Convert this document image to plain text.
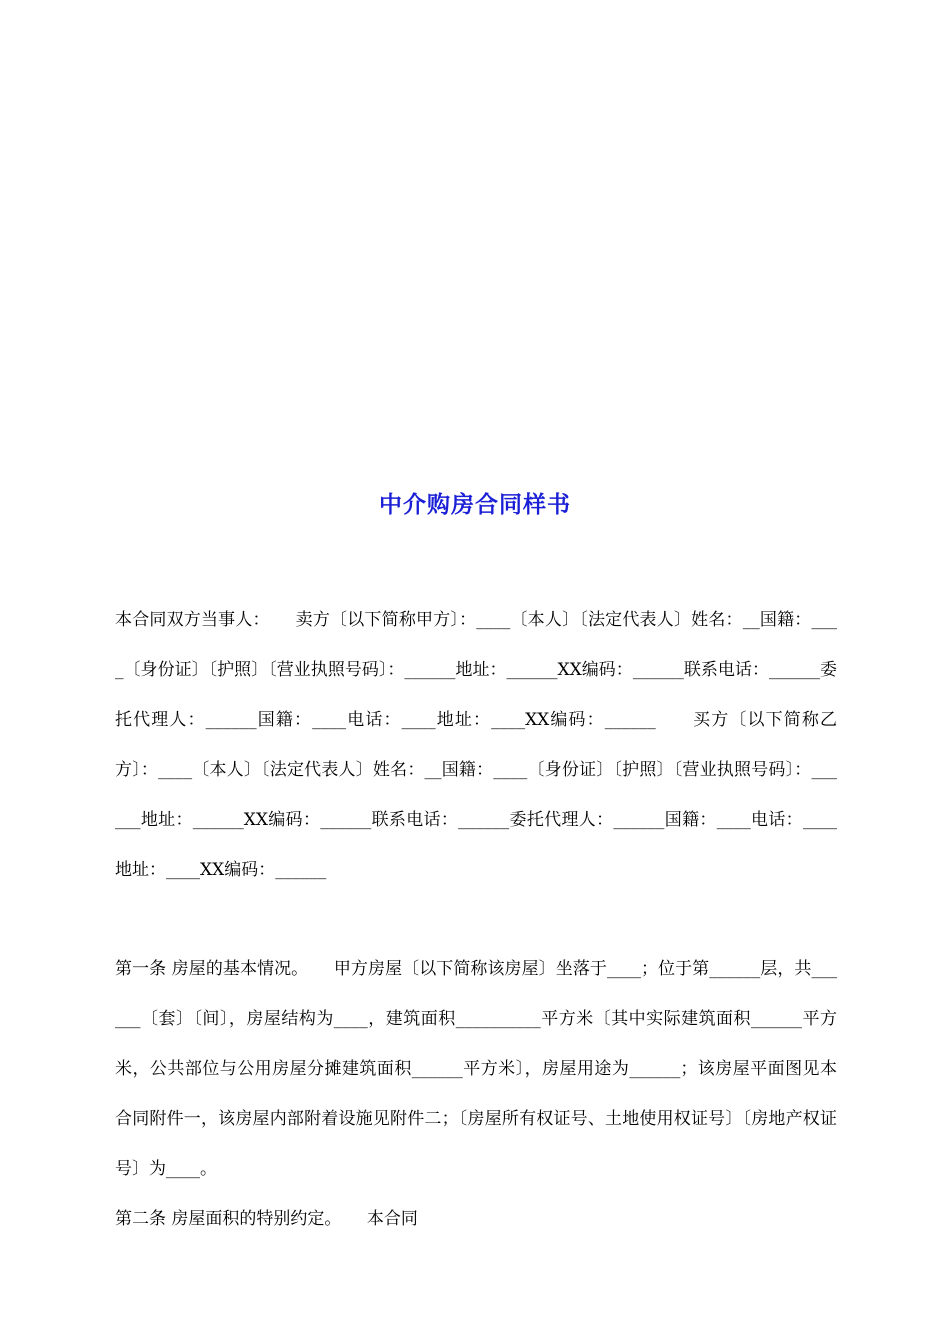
中介购房合同样书
本合同双方当事人：　　卖方〔以下简称甲方〕：____〔本人〕〔法定代表人〕姓名：__国籍：____〔身份证〕〔护照〕〔营业执照号码〕：______地址：______XX编码：______联系电话：______委托代理人：______国籍：____电话：____地址：____XX编码：______　　买方〔以下简称乙方〕：____〔本人〕〔法定代表人〕姓名：__国籍：____〔身份证〕〔护照〕〔营业执照号码〕：______地址：______XX编码：______联系电话：______委托代理人：______国籍：____电话：____地址：____XX编码：______
第一条 房屋的基本情况。　　甲方房屋〔以下简称该房屋〕坐落于____；位于第______层，共______〔套〕〔间〕，房屋结构为____，建筑面积__________平方米〔其中实际建筑面积______平方米，公共部位与公用房屋分摊建筑面积______平方米〕，房屋用途为______；该房屋平面图见本合同附件一，该房屋内部附着设施见附件二；〔房屋所有权证号、土地使用权证号〕〔房地产权证号〕为____。
第二条 房屋面积的特别约定。　　本合同
